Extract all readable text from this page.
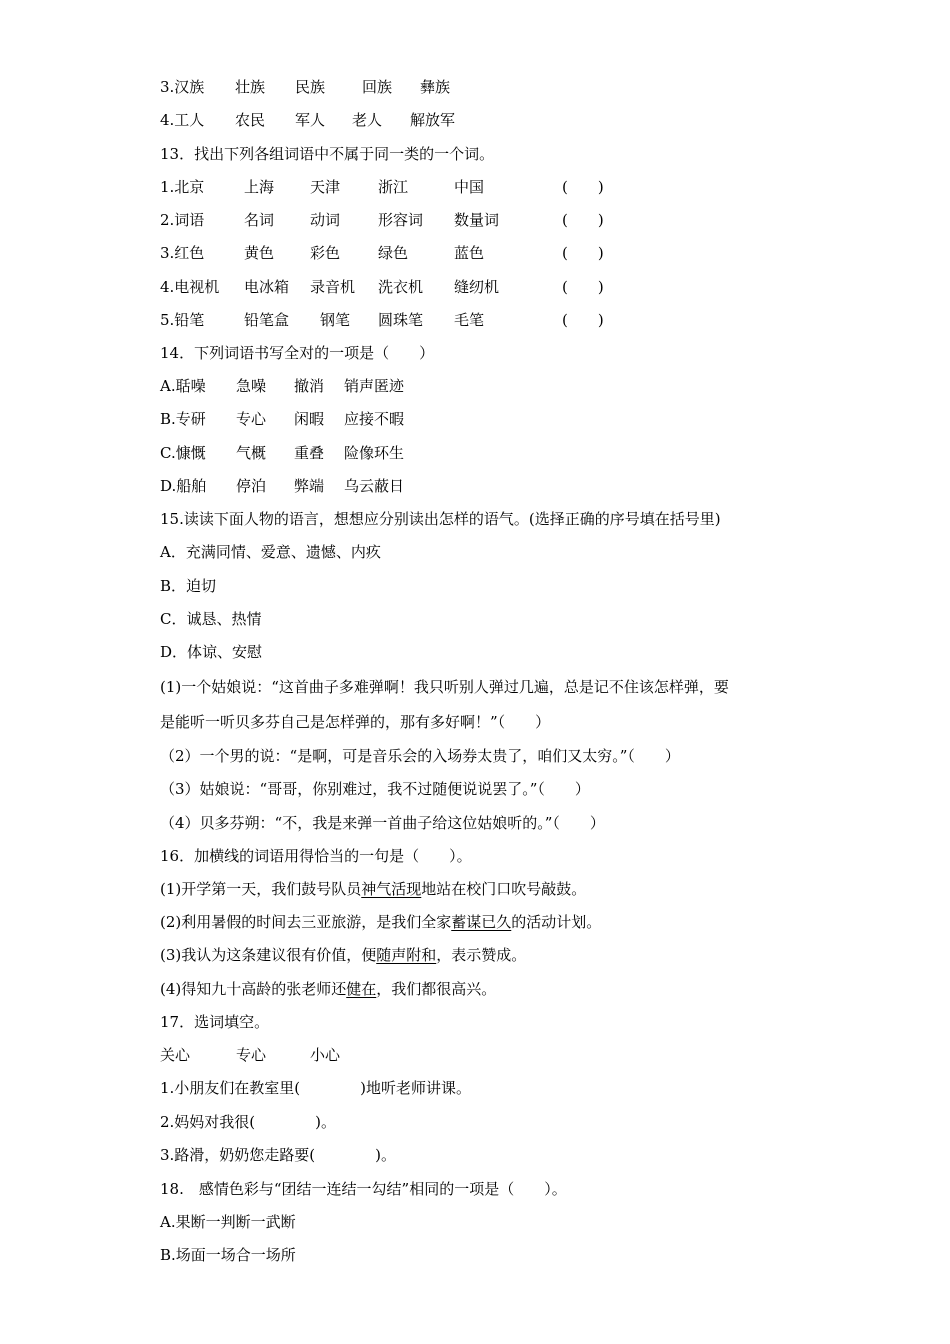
3.汉族 壮族 民族 回族 彝族
4.工人 农民 军人 老人 解放军
13．找出下列各组词语中不属于同一类的一个词。
1.北京	上海 天津	浙江	中国	(　　)
2.词语	名词 动词	形容词 数量词	(　　)
3.红色	黄色 彩色	绿色	蓝色	(　　)
4.电视机 电冰箱 录音机 洗衣机 缝纫机	(　　)
5.铅笔	铅笔盒 钢笔 圆珠笔 毛笔	(　　)
14．下列词语书写全对的一项是（　　）
A.聒噪 急噪 撤消 销声匿迹
B.专研 专心 闲暇 应接不暇
C.慷慨 气概 重叠 险像环生
D.船舶 停泊 弊端 乌云蔽日
15.读读下面人物的语言，想想应分别读出怎样的语气。(选择正确的序号填在括号里)
A．充满同情、爱意、遗憾、内疚
B．迫切
C．诚恳、热情
D．体谅、安慰
(1)一个姑娘说：“这首曲子多难弹啊！我只听别人弹过几遍，总是记不住该怎样弹，要
是能听一听贝多芬自己是怎样弹的，那有多好啊！”（　　）
（2）一个男的说：“是啊，可是音乐会的入场券太贵了，咱们又太穷。”（　　）
（3）姑娘说：“哥哥，你别难过，我不过随便说说罢了。”（　　）
（4）贝多芬朔：“不，我是来弹一首曲子给这位姑娘听的。”（　　）
16．加横线的词语用得恰当的一句是（　　）。
(1)开学第一天，我们鼓号队员神气活现地站在校门口吹号敲鼓。
(2)利用暑假的时间去三亚旅游，是我们全家蓄谋已久的活动计划。
(3)我认为这条建议很有价值，便随声附和，表示赞成。
(4)得知九十高龄的张老师还健在，我们都很高兴。
17．选词填空。
关心	专心	小心
1.小朋友们在教室里(　　　　)地听老师讲课。
2.妈妈对我很(　　　　)。
3.路滑，奶奶您走路要(　　　　)。
18.　感情色彩与“团结一连结一勾结”相同的一项是（　　）。
A.果断一判断一武断
B.场面一场合一场所
